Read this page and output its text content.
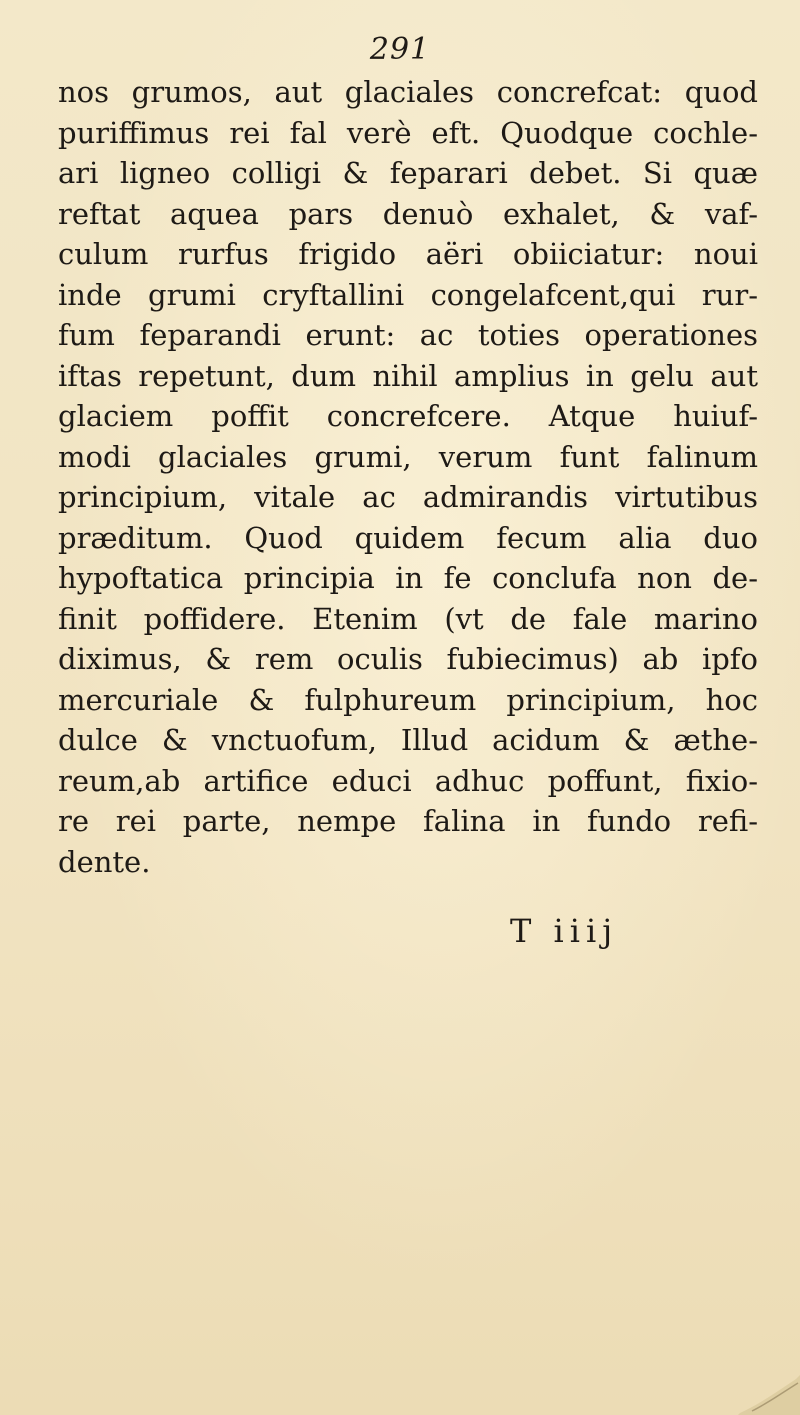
291
nos grumos, aut glaciales concrefcat: quod
puriffimus rei fal verè eft. Quodque cochle-
ari ligneo colligi & feparari debet. Si quæ
reftat aquea pars denuò exhalet, & vaf-
culum rurfus frigido aëri obiiciatur: noui
inde grumi cryftallini congelafcent,qui rur-
fum feparandi erunt: ac toties operationes
iftas repetunt, dum nihil amplius in gelu aut
glaciem poffit concrefcere. Atque huiuf-
modi glaciales grumi, verum funt falinum
principium, vitale ac admirandis virtutibus
præditum. Quod quidem fecum alia duo
hypoftatica principia in fe conclufa non de-
finit poffidere. Etenim (vt de fale marino
diximus, & rem oculis fubiecimus) ab ipfo
mercuriale & fulphureum principium, hoc
dulce & vnctuofum, Illud acidum & æthe-
reum,ab artifice educi adhuc poffunt, fixio-
re rei parte, nempe falina in fundo refi-
dente.
T iiij
